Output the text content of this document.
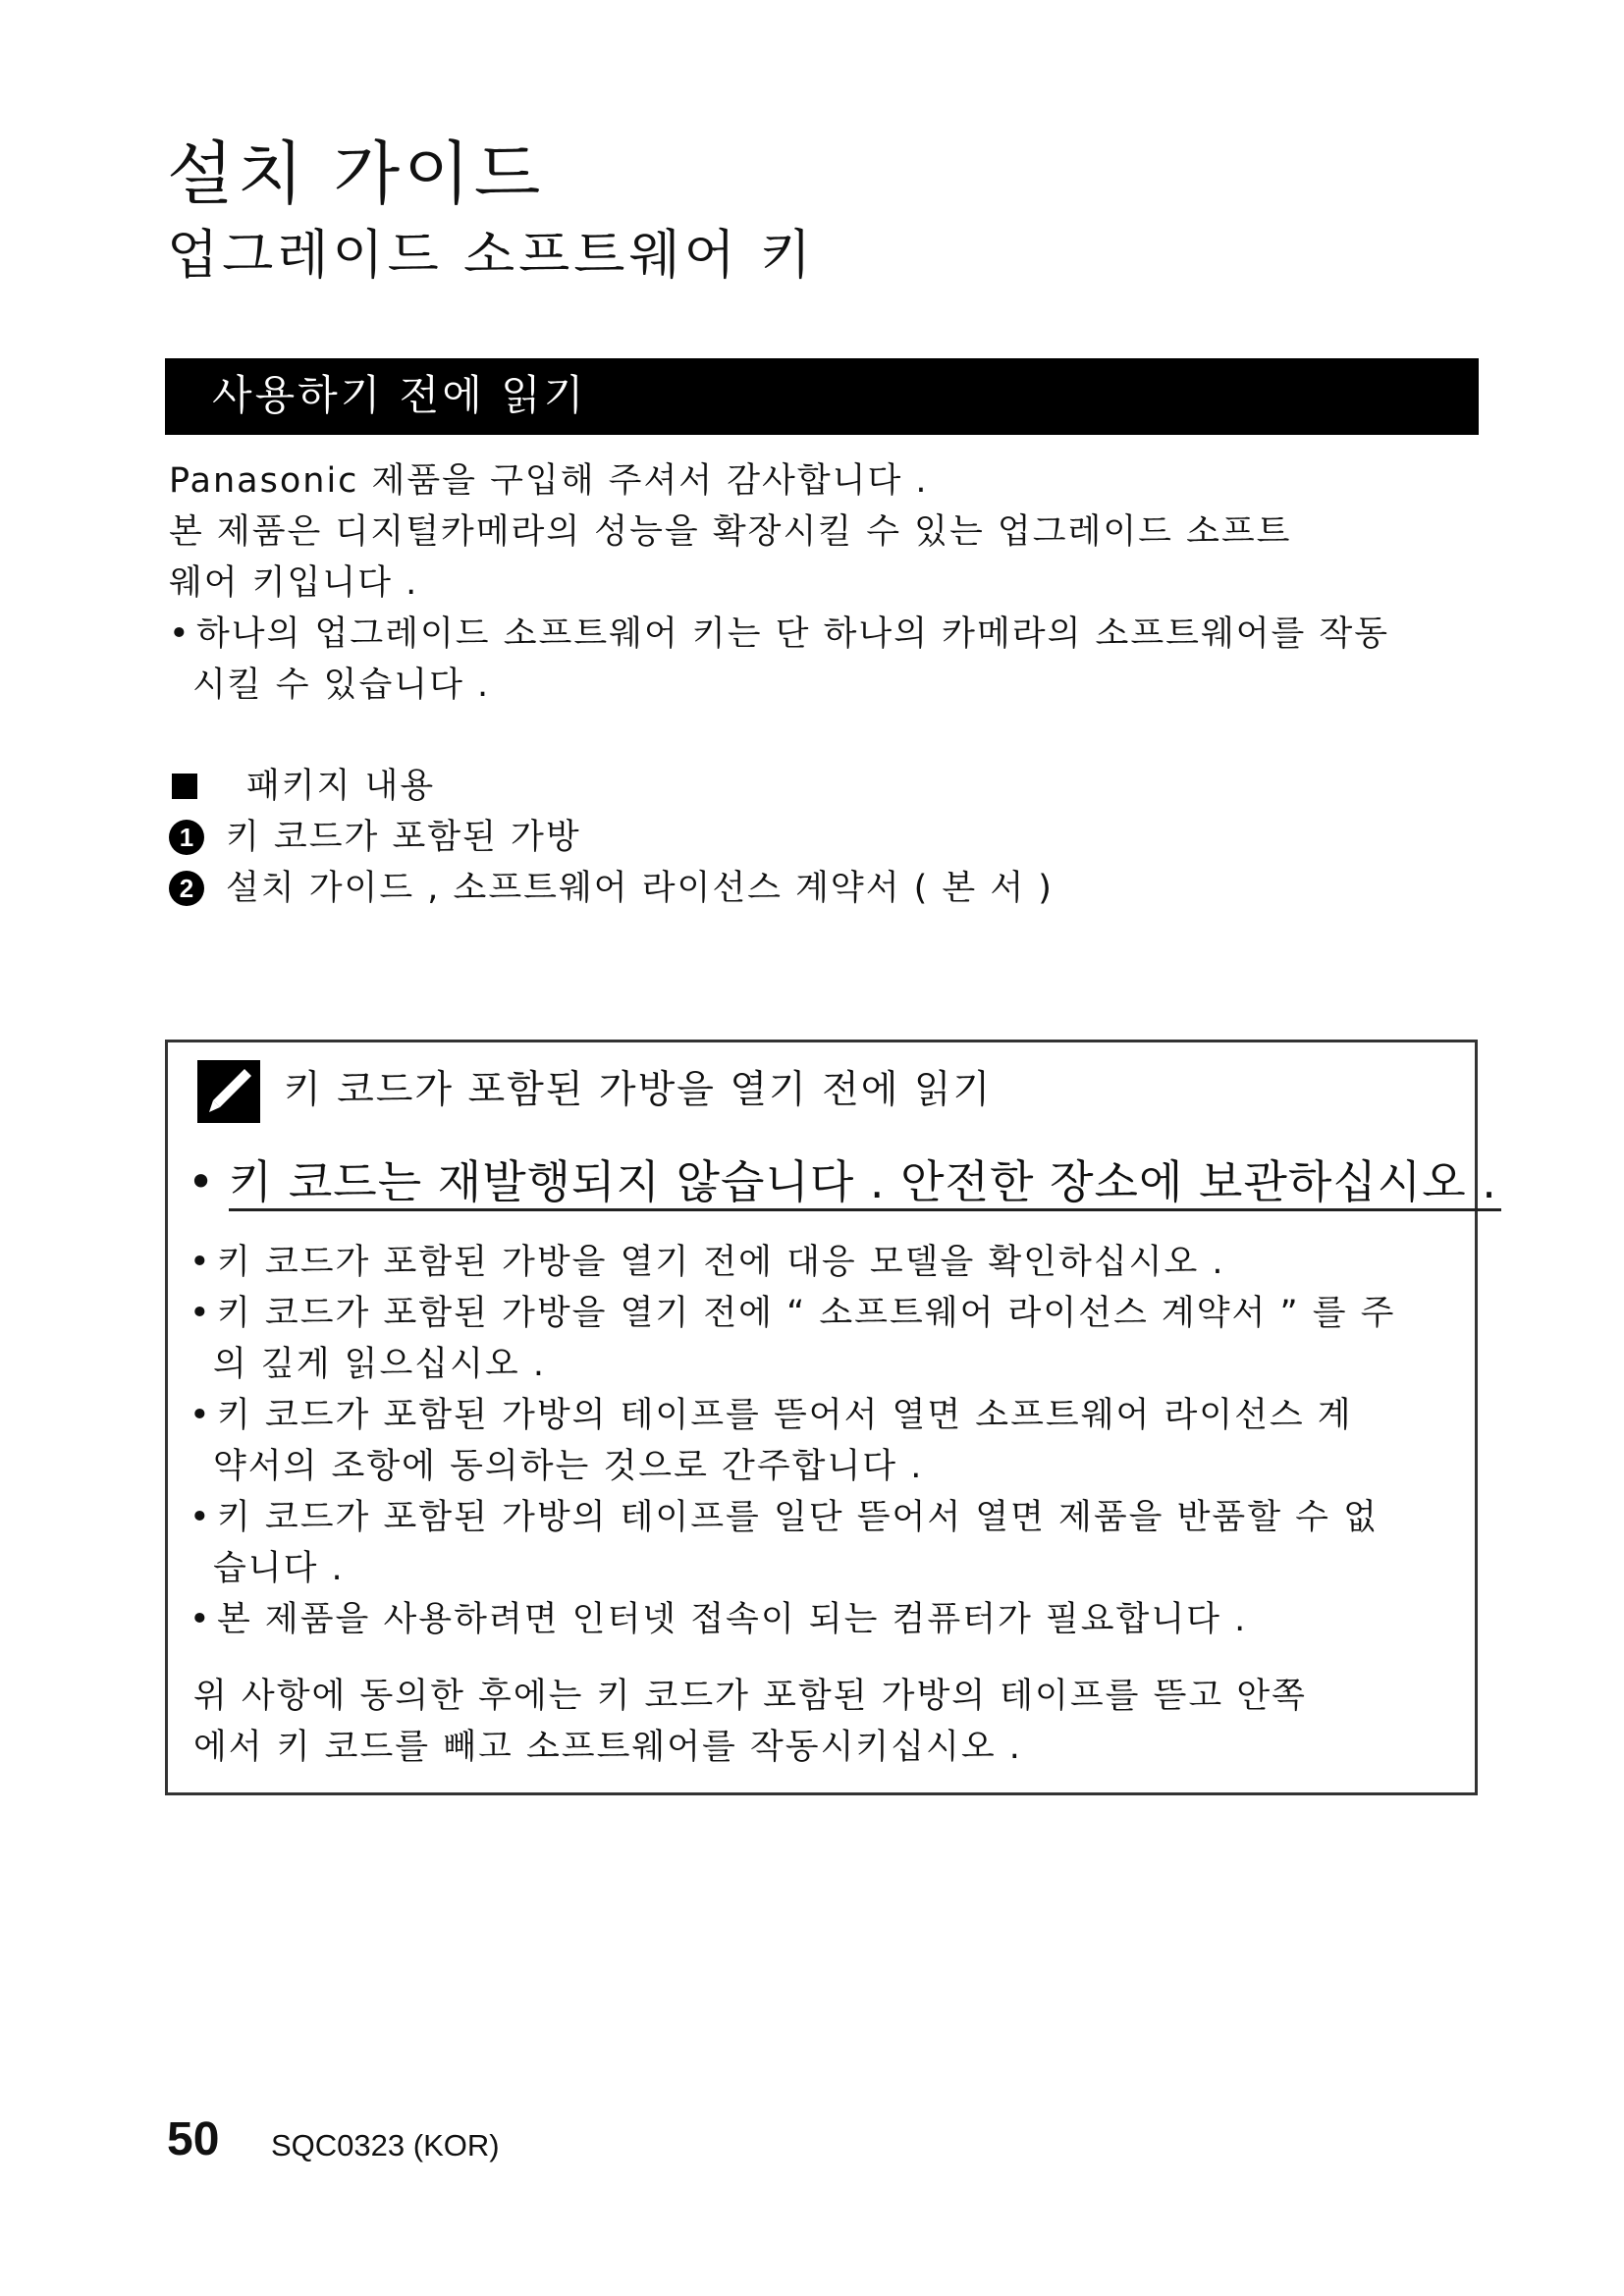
설치 가이드
업그레이드 소프트웨어 키
사용하기 전에 읽기

Panasonic 제품을 구입해 주셔서 감사합니다 .

본 제품은 디지털카메라의 성능을 확장시킬 수 있는 업그레이드 소프트

웨어 키입니다 .

• 하나의 업그레이드 소프트웨어 키는 단 하나의 카메라의 소프트웨어를 작동

시킬 수 있습니다 .

패키지 내용
1 키 코드가 포함된 가방
2 설치 가이드 , 소프트웨어 라이선스 계약서 ( 본 서 )
키 코드가 포함된 가방을 열기 전에 읽기
• 키 코드는 재발행되지 않습니다 . 안전한 장소에 보관하십시오 .

• 키 코드가 포함된 가방을 열기 전에 대응 모델을 확인하십시오 .

• 키 코드가 포함된 가방을 열기 전에 “ 소프트웨어 라이선스 계약서 ” 를 주

의 깊게 읽으십시오 .

• 키 코드가 포함된 가방의 테이프를 뜯어서 열면 소프트웨어 라이선스 계

약서의 조항에 동의하는 것으로 간주합니다 .

• 키 코드가 포함된 가방의 테이프를 일단 뜯어서 열면 제품을 반품할 수 없

습니다 .

• 본 제품을 사용하려면 인터넷 접속이 되는 컴퓨터가 필요합니다 .

위 사항에 동의한 후에는 키 코드가 포함된 가방의 테이프를 뜯고 안쪽

에서 키 코드를 빼고 소프트웨어를 작동시키십시오 .

50 SQC0323 (KOR)
